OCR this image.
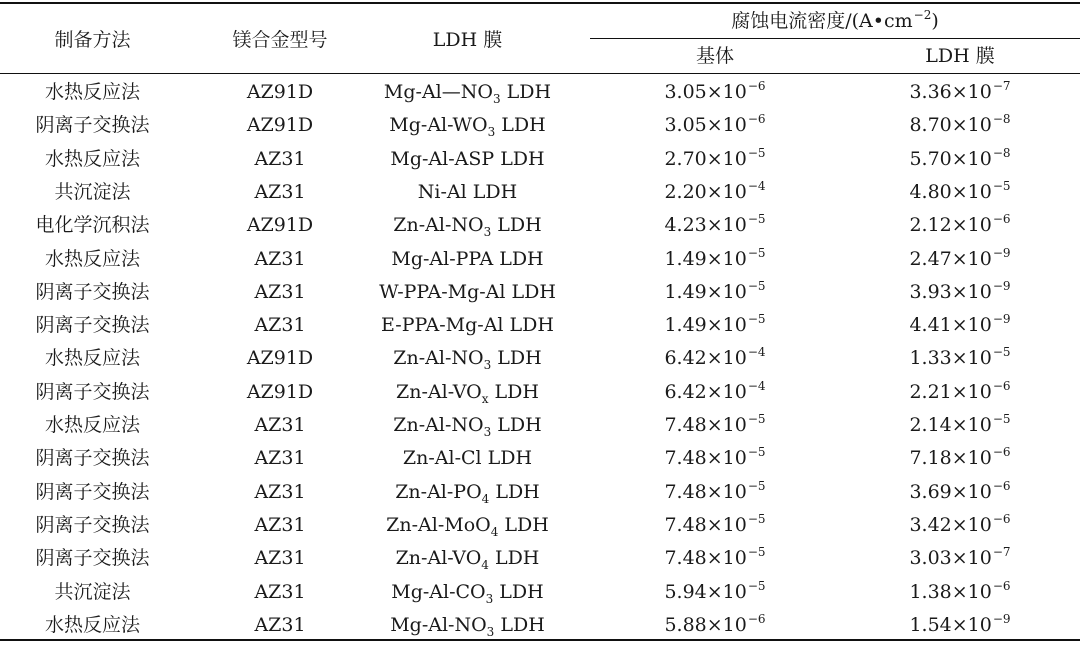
制备方法	镁合金型号	LDH 膜
腐蚀电流密度$/(A•cm^{-2})$
基体	LDH 膜
水热反应法	AZ91D	$Mg-Al—NO_3$ LDH	$3.05\times 10^{-6}$	$3.36\times 10^{-7}$
阴离子交换法	AZ91D	$Mg-Al-WO_3$ LDH	$3.05\times 10^{-6}$	$8.70\times 10^{-8}$
水热反应法	AZ31	Mg-Al-ASP LDH	$2.70\times 10^{-5}$	$5.70\times 10^{-8}$
共沉淀法	AZ31	Ni-Al LDH	$2.20\times 10^{-4}$	$4.80\times 10^{-5}$
电化学沉积法	AZ91D	$Zn-Al-NO_3$ LDH	$4.23\times 10^{-5}$	$2.12\times 10^{-6}$
水热反应法	AZ31	Mg-Al-PPA LDH	$1.49\times 10^{-5}$	$2.47\times 10^{-9}$
阴离子交换法	AZ31	W-PPA-Mg-Al LDH	$1.49\times 10^{-5}$	$3.93\times 10^{-9}$
阴离子交换法	AZ31	E-PPA-Mg-Al LDH	$1.49\times 10^{-5}$	$4.41\times 10^{-9}$
水热反应法	AZ91D	$Zn-Al-NO_3$ LDH	$6.42\times 10^{-4}$	$1.33\times 10^{-5}$
阴离子交换法	AZ91D	$Zn-Al-VO_x$ LDH	$6.42\times 10^{-4}$	$2.21\times 10^{-6}$
水热反应法	AZ31	$Zn-Al-NO_3$ LDH	$7.48\times 10^{-5}$	$2.14\times 10^{-5}$
阴离子交换法	AZ31	Zn-Al-Cl LDH	$7.48\times 10^{-5}$	$7.18\times 10^{-6}$
阴离子交换法	AZ31	$Zn-Al-PO_4$ LDH	$7.48\times 10^{-5}$	$3.69\times 10^{-6}$
阴离子交换法	AZ31	Zn-Al-MoO$_4$ LDH	$7.48\times 10^{-5}$	$3.42\times 10^{-6}$
阴离子交换法	AZ31	$Zn-Al-VO_4$ LDH	$7.48\times 10^{-5}$	$3.03\times 10^{-7}$
共沉淀法	AZ31	$Mg-Al-CO_3$ LDH	$5.94\times 10^{-5}$	$1.38\times 10^{-6}$
水热反应法	AZ31	$Mg-Al-NO_3$ LDH	$5.88\times 10^{-6}$	$1.54\times 10^{-9}$
